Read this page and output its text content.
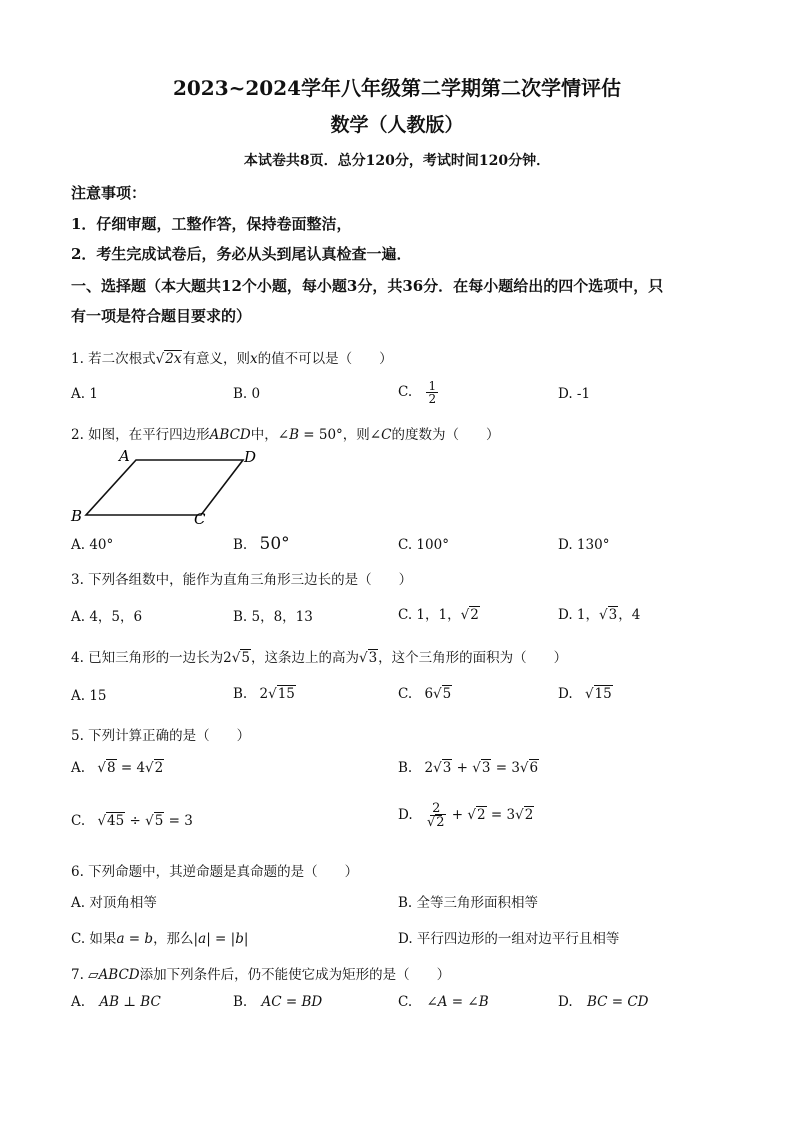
2023~2024学年八年级第二学期第二次学情评估
数学（人教版）
本试卷共8页．总分120分，考试时间120分钟．
注意事项：
1．仔细审题，工整作答，保持卷面整洁，
2．考生完成试卷后，务必从头到尾认真检查一遍．
一、选择题（本大题共12个小题，每小题3分，共36分．在每小题给出的四个选项中，只
有一项是符合题目要求的）
1. 若二次根式√2x有意义，则x的值不可以是（　　）
A. 1	B. 0	C. $\frac{1}{2}$	D. -1
2. 如图，在平行四边形ABCD中，∠B = 50°，则∠C的度数为（　　）
A	D
B	C
A. 40°	B. 50°	C. 100°	D. 130°
3. 下列各组数中，能作为直角三角形三边长的是（　　）
A. 4，5，6	B. 5，8，13	C. 1，1，√2	D. 1，√3，4
4. 已知三角形的一边长为2√5，这条边上的高为√3，这个三角形的面积为（　　）
A. 15	B. 2√15	C. 6√5	D. √15
5. 下列计算正确的是（　　）
A. √8 = 4√2	B. 2√3 + √3 = 3√6
C. √45 ÷ √5 = 3	D. $\frac{2}{√2} + √2 = 3√2$
6. 下列命题中，其逆命题是真命题的是（　　）
A. 对顶角相等	B. 全等三角形面积相等
C. 如果a = b，那么|a| = |b|	D. 平行四边形的一组对边平行且相等
7. ▱ABCD添加下列条件后，仍不能使它成为矩形的是（　　）
A. AB ⊥ BC	B. AC = BD	C. ∠A = ∠B	D. BC = CD
